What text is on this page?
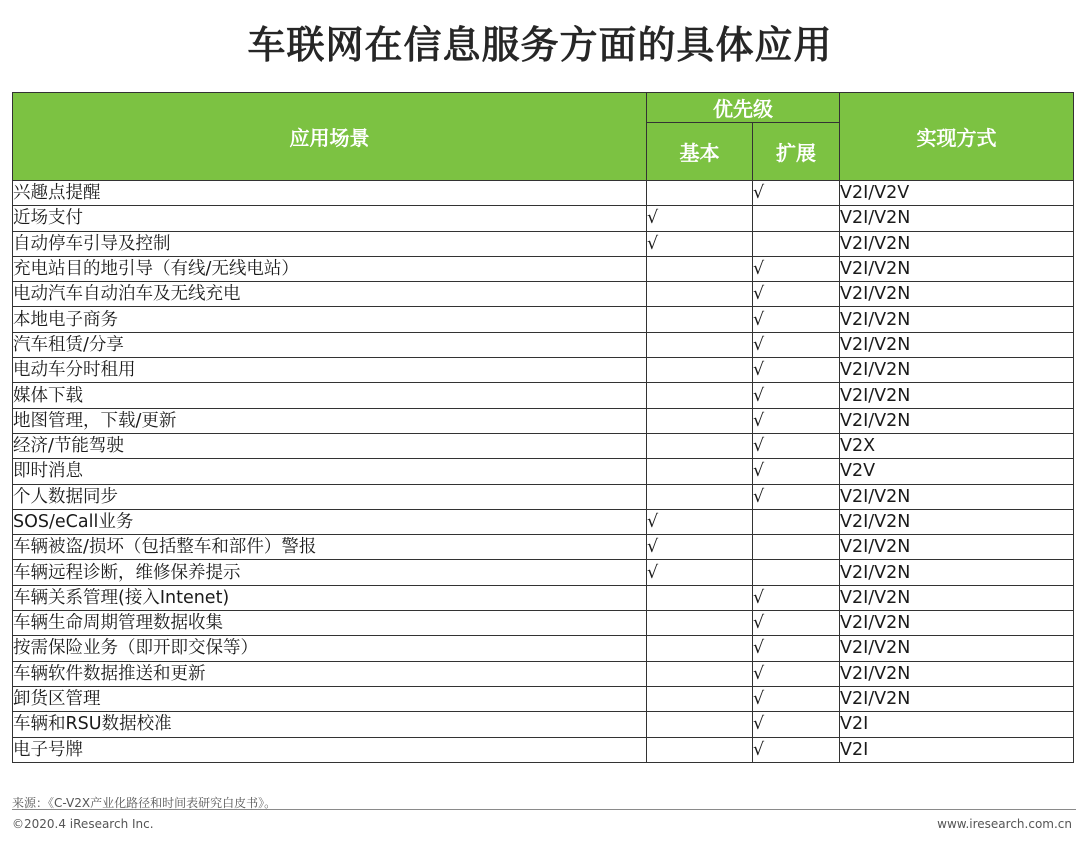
车联网在信息服务方面的具体应用
应用场景	优先级		实现方式
	基本	扩展	
兴趣点提醒		√	V2I/V2V
近场支付	√		V2I/V2N
自动停车引导及控制	√		V2I/V2N
充电站目的地引导（有线/无线电站）		√	V2I/V2N
电动汽车自动泊车及无线充电		√	V2I/V2N
本地电子商务		√	V2I/V2N
汽车租赁/分享		√	V2I/V2N
电动车分时租用		√	V2I/V2N
媒体下载		√	V2I/V2N
地图管理，下载/更新		√	V2I/V2N
经济/节能驾驶		√	V2X
即时消息		√	V2V
个人数据同步		√	V2I/V2N
SOS/eCall业务	√		V2I/V2N
车辆被盗/损坏（包括整车和部件）警报	√		V2I/V2N
车辆远程诊断，维修保养提示	√		V2I/V2N
车辆关系管理(接入Intenet)		√	V2I/V2N
车辆生命周期管理数据收集		√	V2I/V2N
按需保险业务（即开即交保等）		√	V2I/V2N
车辆软件数据推送和更新		√	V2I/V2N
卸货区管理		√	V2I/V2N
车辆和RSU数据校准		√	V2I
电子号牌		√	V2I
来源：《C-V2X产业化路径和时间表研究白皮书》。
©2020.4 iResearch Inc.	www.iresearch.com.cn
